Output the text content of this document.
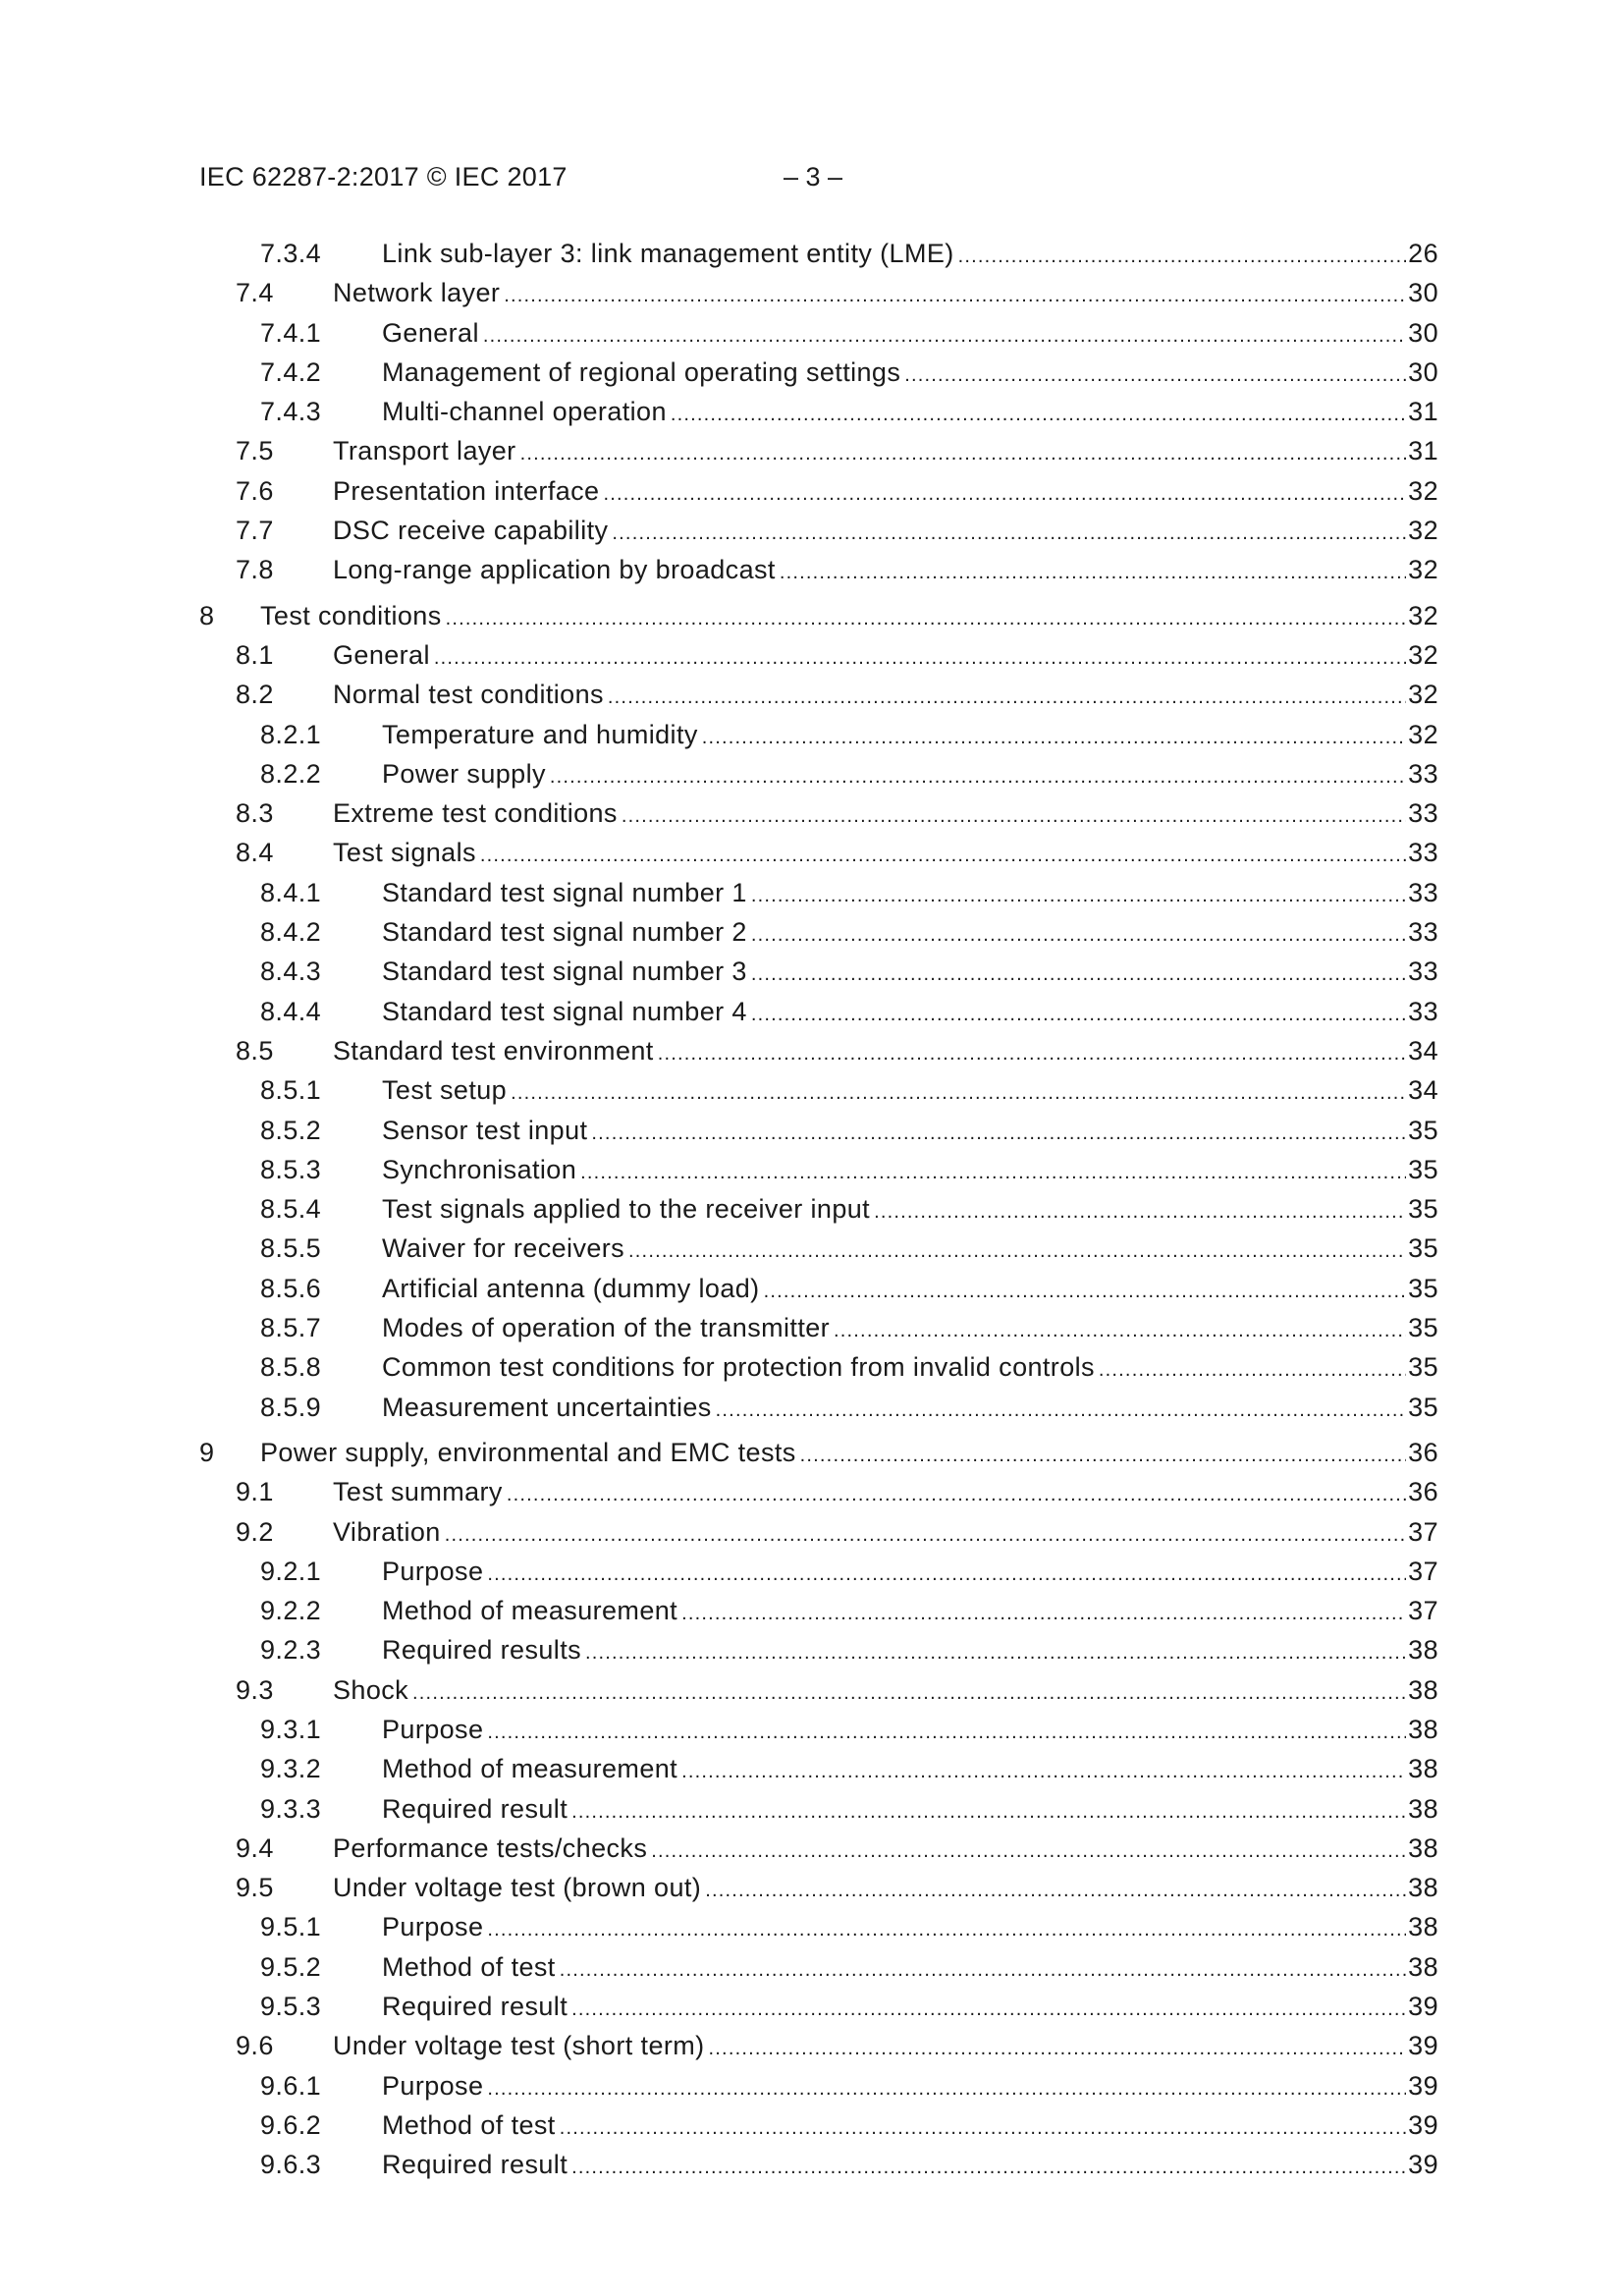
IEC 62287-2:2017 © IEC 2017	– 3 –
7.3.4	Link sub-layer 3: link management entity (LME) .....	26
7.4	Network layer .....	30
7.4.1	General .....	30
7.4.2	Management of regional operating settings .....	30
7.4.3	Multi-channel operation .....	31
7.5	Transport layer .....	31
7.6	Presentation interface .....	32
7.7	DSC receive capability .....	32
7.8	Long-range application by broadcast .....	32
8	Test conditions .....	32
8.1	General .....	32
8.2	Normal test conditions .....	32
8.2.1	Temperature and humidity .....	32
8.2.2	Power supply .....	33
8.3	Extreme test conditions .....	33
8.4	Test signals .....	33
8.4.1	Standard test signal number 1 .....	33
8.4.2	Standard test signal number 2 .....	33
8.4.3	Standard test signal number 3 .....	33
8.4.4	Standard test signal number 4 .....	33
8.5	Standard test environment .....	34
8.5.1	Test setup .....	34
8.5.2	Sensor test input .....	35
8.5.3	Synchronisation .....	35
8.5.4	Test signals applied to the receiver input .....	35
8.5.5	Waiver for receivers .....	35
8.5.6	Artificial antenna (dummy load) .....	35
8.5.7	Modes of operation of the transmitter .....	35
8.5.8	Common test conditions for protection from invalid controls .....	35
8.5.9	Measurement uncertainties .....	35
9	Power supply, environmental and EMC tests .....	36
9.1	Test summary .....	36
9.2	Vibration .....	37
9.2.1	Purpose .....	37
9.2.2	Method of measurement .....	37
9.2.3	Required results .....	38
9.3	Shock .....	38
9.3.1	Purpose .....	38
9.3.2	Method of measurement .....	38
9.3.3	Required result .....	38
9.4	Performance tests/checks .....	38
9.5	Under voltage test (brown out) .....	38
9.5.1	Purpose .....	38
9.5.2	Method of test .....	38
9.5.3	Required result .....	39
9.6	Under voltage test (short term) .....	39
9.6.1	Purpose .....	39
9.6.2	Method of test .....	39
9.6.3	Required result .....	39
